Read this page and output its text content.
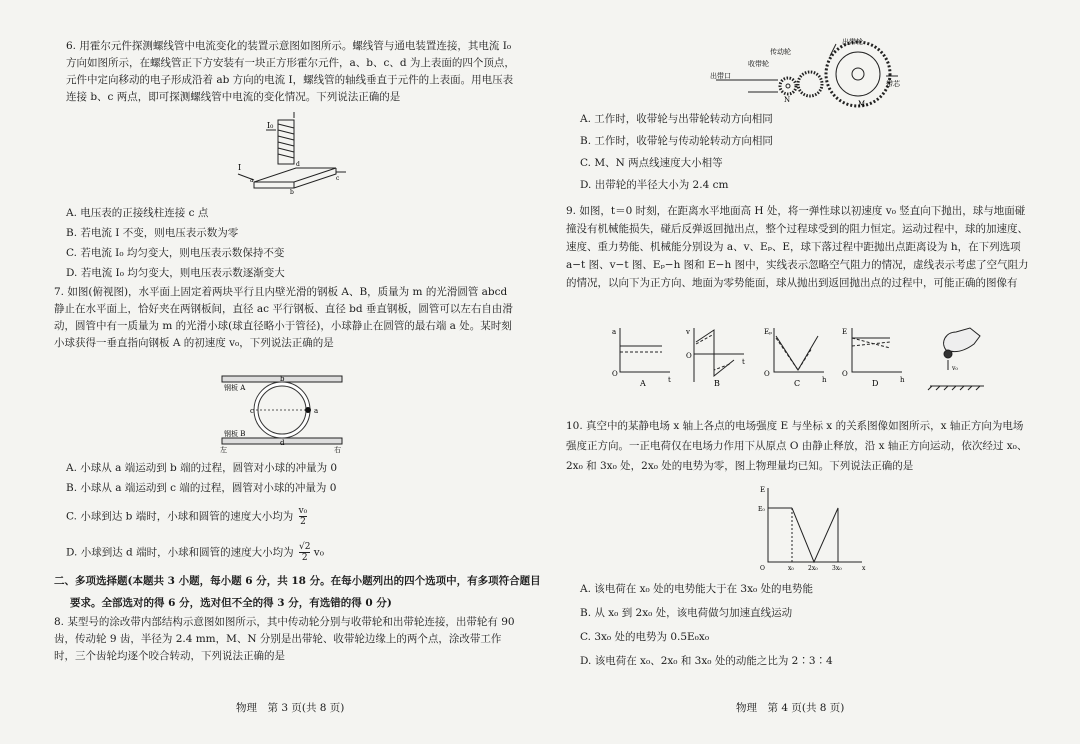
6. 用霍尔元件探测螺线管中电流变化的装置示意图如图所示。螺线管与通电装置连接，其电流 I₀ 方向如图所示，在螺线管正下方安装有一块正方形霍尔元件，a、b、c、d 为上表面的四个顶点，元件中定向移动的电子形成沿着 ab 方向的电流 I，螺线管的轴线垂直于元件的上表面。用电压表连接 b、c 两点，即可探测螺线管中电流的变化情况。下列说法正确的是
I₀
I
a
b
c
d
A. 电压表的正接线柱连接 c 点
B. 若电流 I 不变，则电压表示数为零
C. 若电流 I₀ 均匀变大，则电压表示数保持不变
D. 若电流 I₀ 均匀变大，则电压表示数逐渐变大
7. 如图(俯视图)，水平面上固定着两块平行且内壁光滑的钢板 A、B，质量为 m 的光滑圆管 abcd 静止在水平面上，恰好夹在两钢板间，直径 ac 平行钢板、直径 bd 垂直钢板，圆管可以左右自由滑动，圆管中有一质量为 m 的光滑小球(球直径略小于管径)，小球静止在圆管的最右端 a 处。某时刻小球获得一垂直指向钢板 A 的初速度 v₀，下列说法正确的是
钢板 A
钢板 B
左	右
a
b
c
d
A. 小球从 a 端运动到 b 端的过程，圆管对小球的冲量为 0
B. 小球从 a 端运动到 c 端的过程，圆管对小球的冲量为 0
C. 小球到达 b 端时，小球和圆管的速度大小均为 $\frac{\text{v₀}}{2}$
D. 小球到达 d 端时，小球和圆管的速度大小均为 $\frac{√2}{2} v_0$
二、多项选择题(本题共 3 小题，每小题 6 分，共 18 分。在每小题列出的四个选项中，有多项符合题目
要求。全部选对的得 6 分，选对但不全的得 3 分，有选错的得 0 分)
8. 某型号的涂改带内部结构示意图如图所示，其中传动轮分别与收带轮和出带轮连接，出带轮有 90 齿，传动轮 9 齿，半径为 2.4 mm，M、N 分别是出带轮、收带轮边缘上的两个点，涂改带工作时，三个齿轮均逐个咬合转动，下列说法正确的是
物理　第 3 页(共 8 页)
出带轮
传动轮
收带轮
出带口
带芯
M
N
A. 工作时，收带轮与出带轮转动方向相同
B. 工作时，收带轮与传动轮转动方向相同
C. M、N 两点线速度大小相等
D. 出带轮的半径大小为 2.4 cm
9. 如图，t＝0 时刻，在距离水平地面高 H 处，将一弹性球以初速度 v₀ 竖直向下抛出，球与地面碰撞没有机械能损失，碰后反弹返回抛出点，整个过程球受到的阻力恒定。运动过程中，球的加速度、速度、重力势能、机械能分别设为 a、v、Eₚ、E，球下落过程中距抛出点距离设为 h，在下列选项 a−t 图、v−t 图、Eₚ−h 图和 E−h 图中，实线表示忽略空气阻力的情况，虚线表示考虑了空气阻力的情况，以向下为正方向、地面为零势能面，球从抛出到返回抛出点的过程中，可能正确的图像有
a
t
O
A
v
t
O
B
Eₚ
h
O
C
E
h
O
D
v₀
10. 真空中的某静电场 x 轴上各点的电场强度 E 与坐标 x 的关系图像如图所示，x 轴正方向为电场强度正方向。一正电荷仅在电场力作用下从原点 O 由静止释放，沿 x 轴正方向运动，依次经过 x₀、2x₀ 和 3x₀ 处，2x₀ 处的电势为零，图上物理量均已知。下列说法正确的是
E
E₀
O	x₀ 2x₀ 3x₀	x
A. 该电荷在 x₀ 处的电势能大于在 3x₀ 处的电势能
B. 从 x₀ 到 2x₀ 处，该电荷做匀加速直线运动
C. 3x₀ 处的电势为 0.5E₀x₀
D. 该电荷在 x₀、2x₀ 和 3x₀ 处的动能之比为 2∶3∶4
物理　第 4 页(共 8 页)
